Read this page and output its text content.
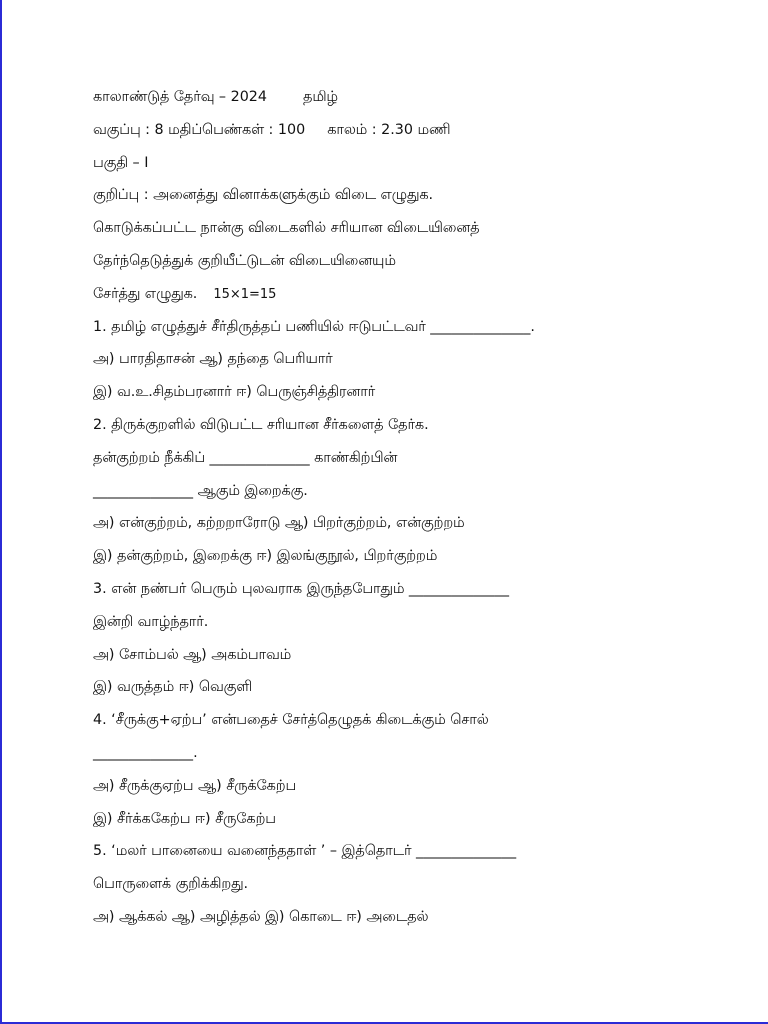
காலாண்டுத் தேர்வு – 2024	தமிழ்
வகுப்பு : 8 மதிப்பெண்கள் : 100 காலம் : 2.30 மணி
பகுதி – I
குறிப்பு : அனைத்து வினாக்களுக்கும் விடை எழுதுக.
கொடுக்கப்பட்ட நான்கு விடைகளில் சரியான விடையினைத்
தேர்ந்தெடுத்துக் குறியீட்டுடன் விடையினையும்
சேர்த்து எழுதுக. 15×1=15
1. தமிழ் எழுத்துச் சீர்திருத்தப் பணியில் ஈடுபட்டவர் ______________.
அ) பாரதிதாசன் ஆ) தந்தை பெரியார்
இ) வ.உ.சிதம்பரனார் ஈ) பெருஞ்சித்திரனார்
2. திருக்குறளில் விடுபட்ட சரியான சீர்களைத் தேர்க.
தன்குற்றம் நீக்கிப் ______________ காண்கிற்பின்
______________ ஆகும் இறைக்கு.
அ) என்குற்றம், கற்றறாரோடு ஆ) பிறர்குற்றம், என்குற்றம்
இ) தன்குற்றம், இறைக்கு ஈ) இலங்குநூல், பிறர்குற்றம்
3. என் நண்பர் பெரும் புலவராக இருந்தபோதும் ______________
இன்றி வாழ்ந்தார்.
அ) சோம்பல் ஆ) அகம்பாவம்
இ) வருத்தம் ஈ) வெகுளி
4. ‘சீருக்கு+ஏற்ப’ என்பதைச் சேர்த்தெழுதக் கிடைக்கும் சொல்
______________.
அ) சீருக்குஏற்ப ஆ) சீருக்கேற்ப
இ) சீர்க்ககேற்ப ஈ) சீருகேற்ப
5. ‘மலர் பானையை வனைந்ததாள் ’ – இத்தொடர் ______________
பொருளைக் குறிக்கிறது.
அ) ஆக்கல் ஆ) அழித்தல் இ) கொடை ஈ) அடைதல்
